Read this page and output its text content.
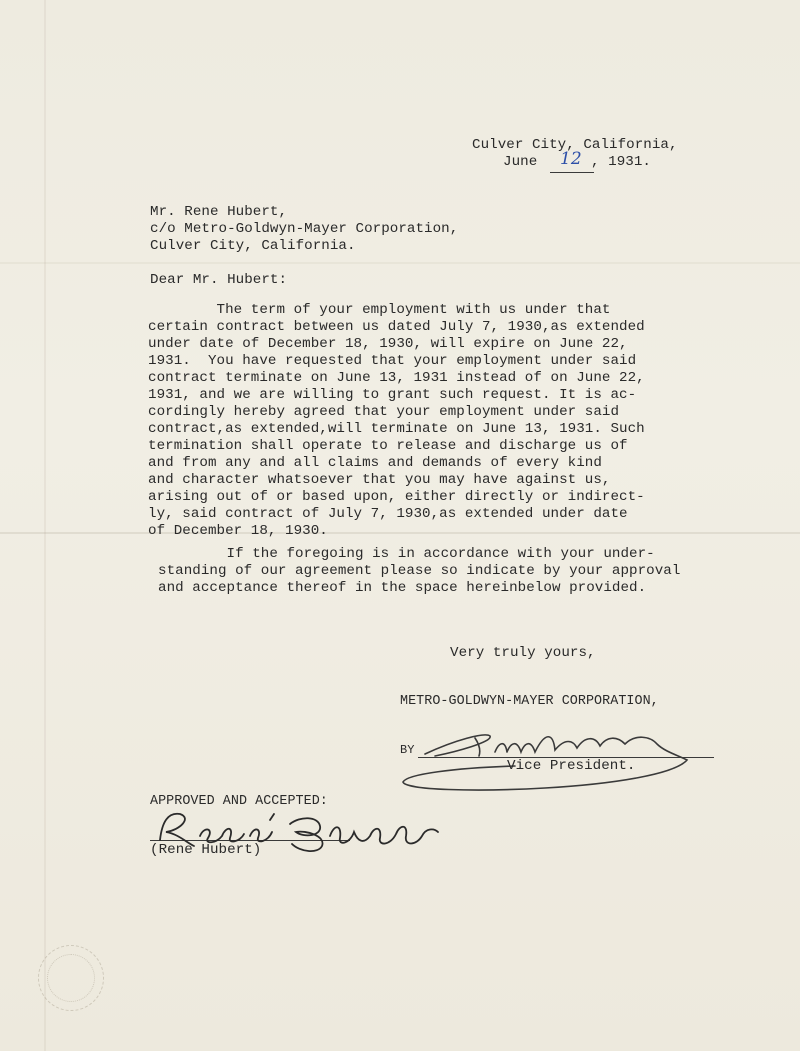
Culver City, California,
June 12 , 1931.
Mr. Rene Hubert,
c/o Metro-Goldwyn-Mayer Corporation,
Culver City, California.
Dear Mr. Hubert:
The term of your employment with us under that
certain contract between us dated July 7, 1930,as extended
under date of December 18, 1930, will expire on June 22,
1931.  You have requested that your employment under said
contract terminate on June 13, 1931 instead of on June 22,
1931, and we are willing to grant such request. It is ac-
cordingly hereby agreed that your employment under said
contract,as extended,will terminate on June 13, 1931. Such
termination shall operate to release and discharge us of
and from any and all claims and demands of every kind
and character whatsoever that you may have against us,
arising out of or based upon, either directly or indirect-
ly, said contract of July 7, 1930,as extended under date
of December 18, 1930.
If the foregoing is in accordance with your under-
standing of our agreement please so indicate by your approval
and acceptance thereof in the space hereinbelow provided.
Very truly yours,
METRO-GOLDWYN-MAYER CORPORATION,
BY
Vice President.
APPROVED AND ACCEPTED:
(Rene Hubert)
